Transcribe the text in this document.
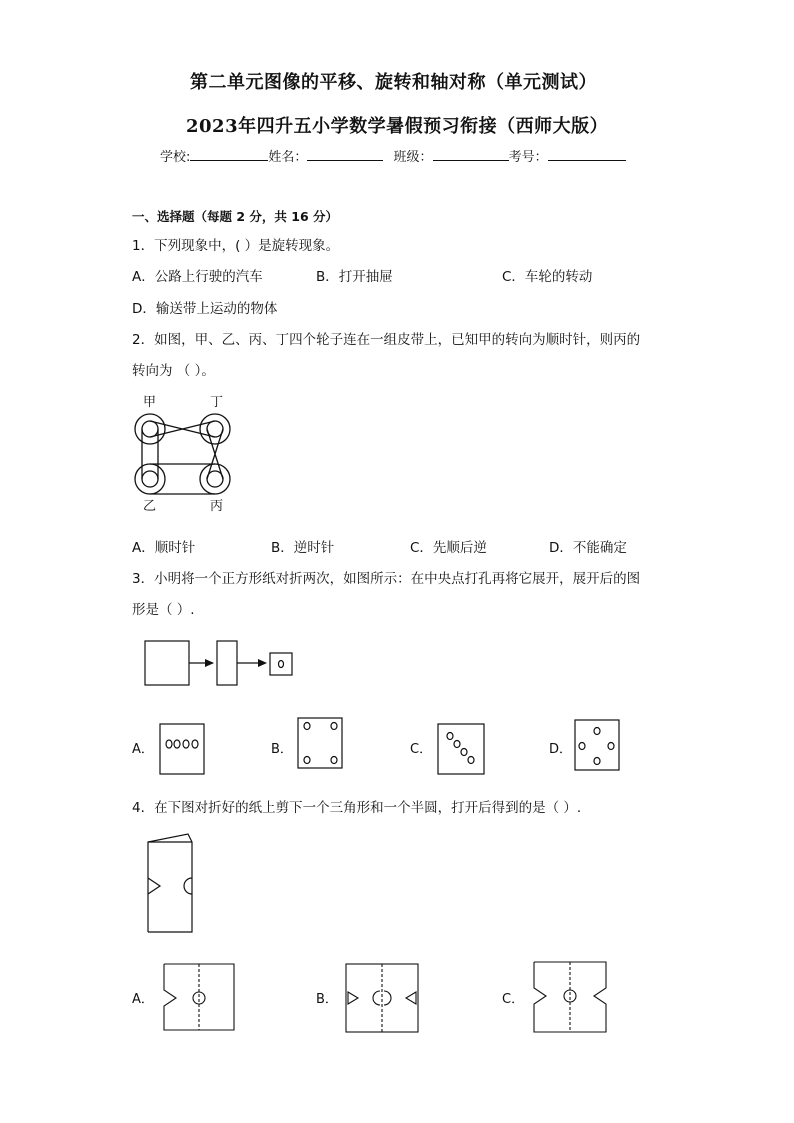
第二单元图像的平移、旋转和轴对称（单元测试）
2023年四升五小学数学暑假预习衔接（西师大版）
学校:	姓名：	班级：	考号：
一、选择题（每题 2 分，共 16 分）
1．下列现象中，( ）是旋转现象。
A．公路上行驶的汽车	B．打开抽屉	C．车轮的转动
D．输送带上运动的物体
2．如图，甲、乙、丙、丁四个轮子连在一组皮带上，已知甲的转向为顺时针，则丙的
转向为 （ ）。
甲	丁
乙	丙
A．顺时针	B．逆时针	C．先顺后逆	D．不能确定
3．小明将一个正方形纸对折两次，如图所示：在中央点打孔再将它展开，展开后的图
形是（ ）.
A．	B．	C．	D．
4．在下图对折好的纸上剪下一个三角形和一个半圆，打开后得到的是（ ）.
A．	B．	C．
